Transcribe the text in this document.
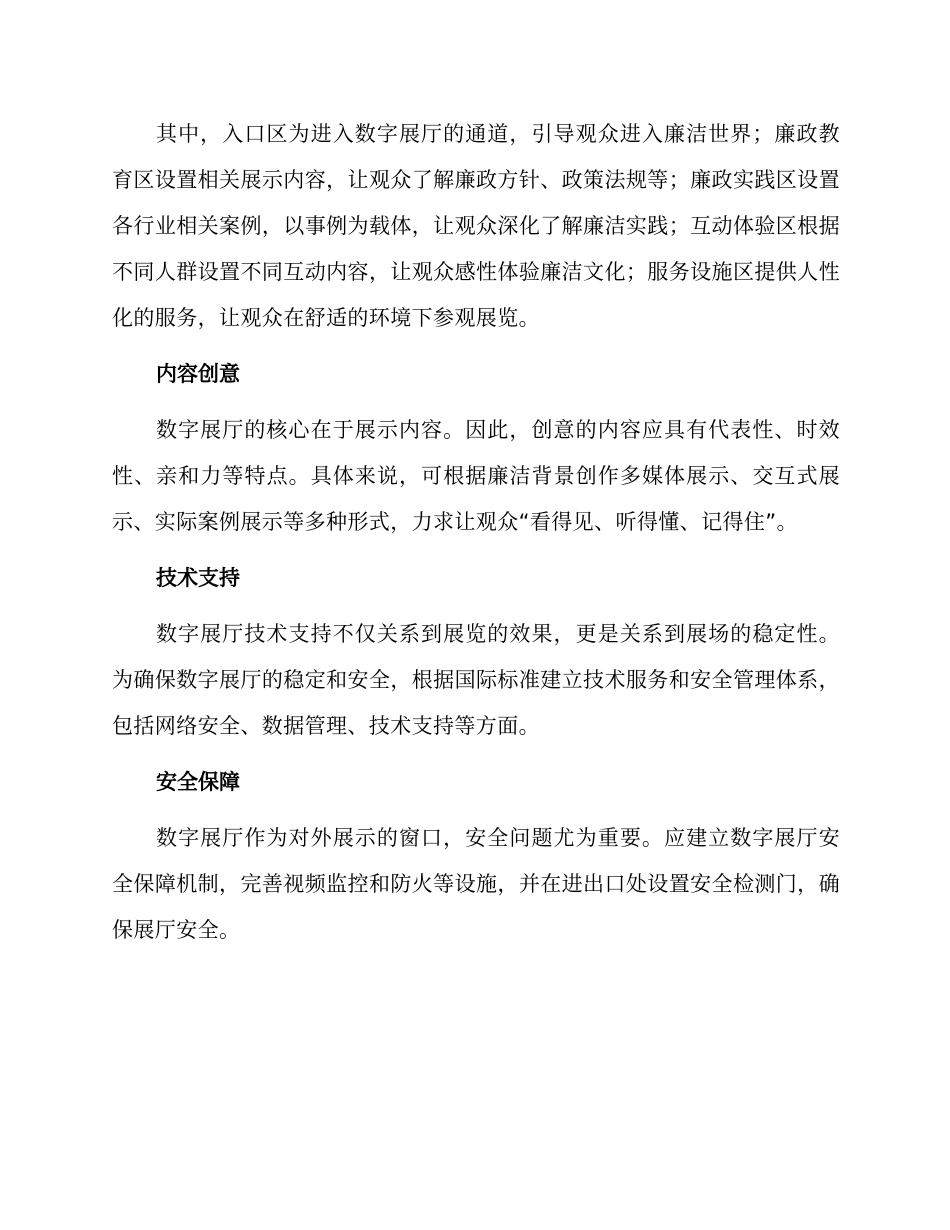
其中，入口区为进入数字展厅的通道，引导观众进入廉洁世界；廉政教育区设置相关展示内容，让观众了解廉政方针、政策法规等；廉政实践区设置各行业相关案例，以事例为载体，让观众深化了解廉洁实践；互动体验区根据不同人群设置不同互动内容，让观众感性体验廉洁文化；服务设施区提供人性化的服务，让观众在舒适的环境下参观展览。

内容创意

数字展厅的核心在于展示内容。因此，创意的内容应具有代表性、时效性、亲和力等特点。具体来说，可根据廉洁背景创作多媒体展示、交互式展示、实际案例展示等多种形式，力求让观众“看得见、听得懂、记得住”。

技术支持

数字展厅技术支持不仅关系到展览的效果，更是关系到展场的稳定性。为确保数字展厅的稳定和安全，根据国际标准建立技术服务和安全管理体系，包括网络安全、数据管理、技术支持等方面。

安全保障

数字展厅作为对外展示的窗口，安全问题尤为重要。应建立数字展厅安全保障机制，完善视频监控和防火等设施，并在进出口处设置安全检测门，确保展厅安全。
